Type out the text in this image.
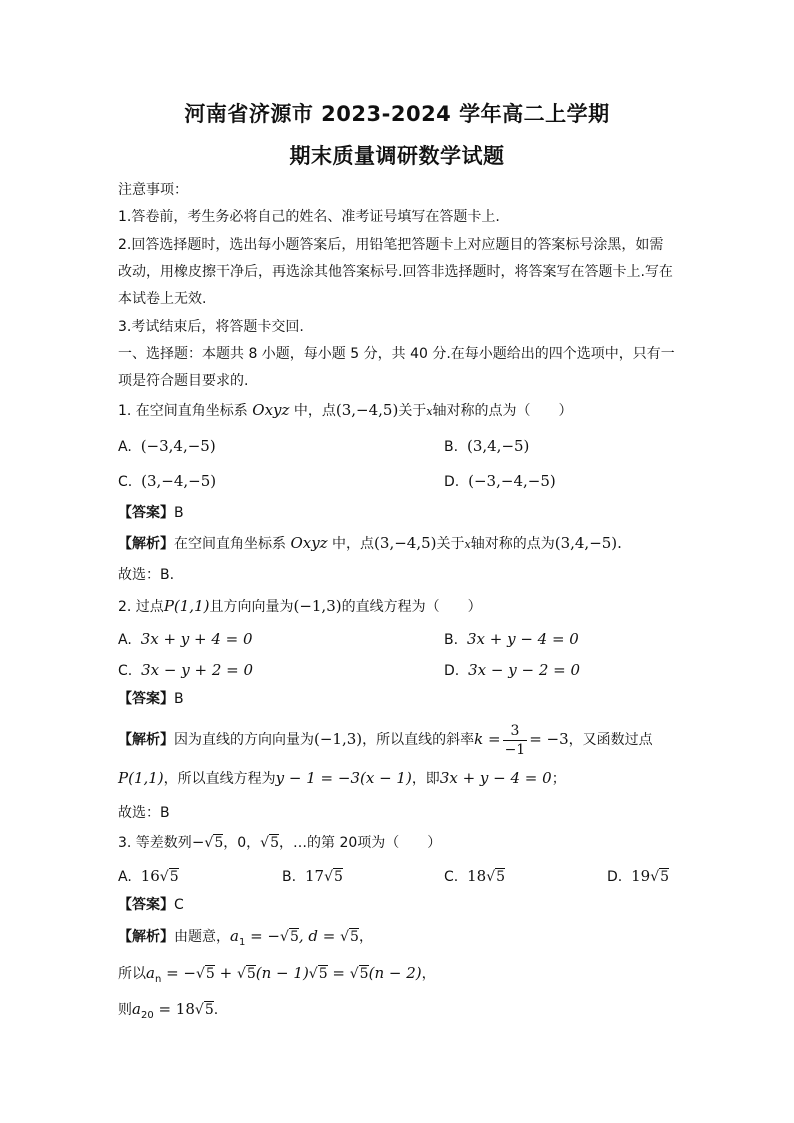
河南省济源市 2023-2024 学年高二上学期
期末质量调研数学试题
注意事项：
1.答卷前，考生务必将自己的姓名、准考证号填写在答题卡上.
2.回答选择题时，选出每小题答案后，用铅笔把答题卡上对应题目的答案标号涂黑，如需
改动，用橡皮擦干净后，再选涂其他答案标号.回答非选择题时，将答案写在答题卡上.写在
本试卷上无效.
3.考试结束后，将答题卡交回.
一、选择题：本题共 8 小题，每小题 5 分，共 40 分.在每小题给出的四个选项中，只有一
项是符合题目要求的.
1. 在空间直角坐标系 Oxyz 中，点(3,−4,5)关于x轴对称的点为（　　）
A. (−3,4,−5)	B. (3,4,−5)
C. (3,−4,−5)	D. (−3,−4,−5)
【答案】B
【解析】在空间直角坐标系 Oxyz 中，点(3,−4,5)关于x轴对称的点为(3,4,−5).
故选：B.
2. 过点P(1,1)且方向向量为(−1,3)的直线方程为（　　）
A. 3x + y + 4 = 0	B. 3x + y − 4 = 0
C. 3x − y + 2 = 0	D. 3x − y − 2 = 0
【答案】B
【解析】因为直线的方向向量为(−1,3)，所以直线的斜率$k = \frac{3}{-1} = -3$，又函数过点
P(1,1)，所以直线方程为y − 1 = −3(x − 1)，即3x + y − 4 = 0；
故选：B
3. 等差数列−√5，0，√5，…的第 20项为（　　）
A. 16√5	B. 17√5	C. 18√5	D. 19√5
【答案】C
【解析】由题意，$a_1 = -√5$, d = √5，
所以$a_n = -√5 + √5(n - 1)√5 = √5(n - 2)$，
则$a_{20} = 18√5$.
